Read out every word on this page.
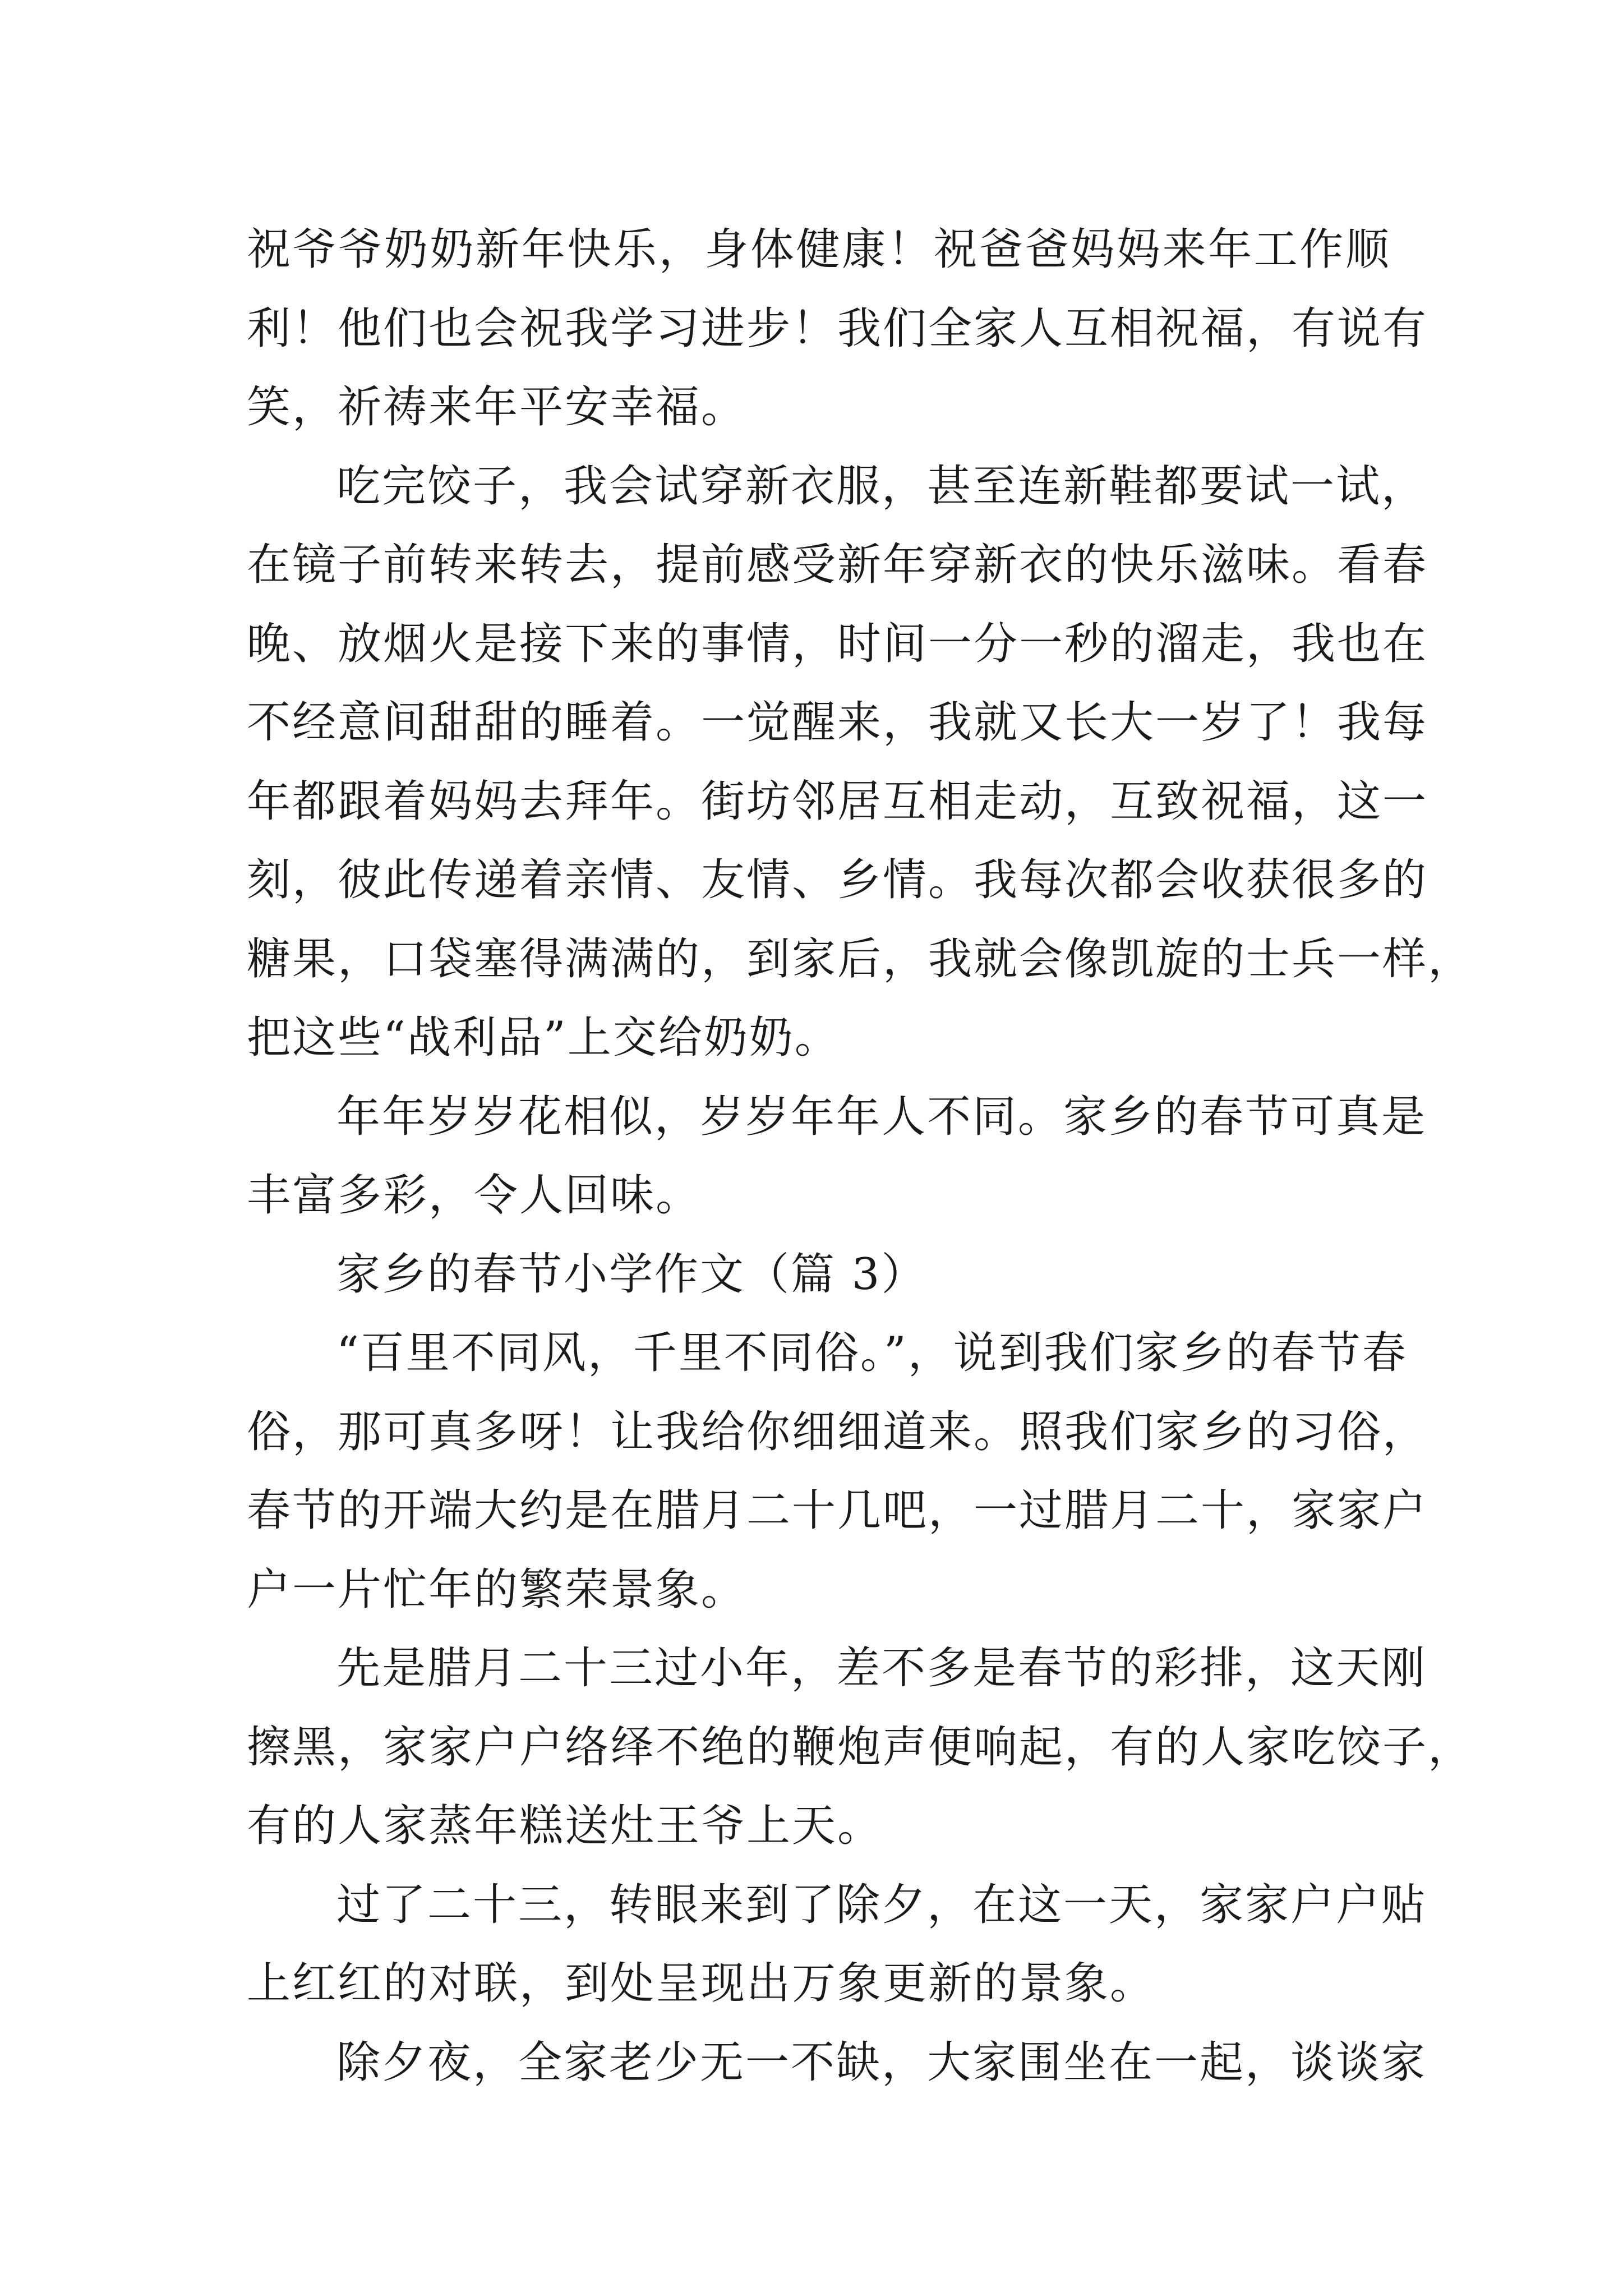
祝爷爷奶奶新年快乐，身体健康！祝爸爸妈妈来年工作顺
利！他们也会祝我学习进步！我们全家人互相祝福，有说有
笑，祈祷来年平安幸福。
吃完饺子，我会试穿新衣服，甚至连新鞋都要试一试，
在镜子前转来转去，提前感受新年穿新衣的快乐滋味。看春
晚、放烟火是接下来的事情，时间一分一秒的溜走，我也在
不经意间甜甜的睡着。一觉醒来，我就又长大一岁了！我每
年都跟着妈妈去拜年。街坊邻居互相走动，互致祝福，这一
刻，彼此传递着亲情、友情、乡情。我每次都会收获很多的
糖果，口袋塞得满满的，到家后，我就会像凯旋的士兵一样，
把这些“战利品”上交给奶奶。
年年岁岁花相似，岁岁年年人不同。家乡的春节可真是
丰富多彩，令人回味。
家乡的春节小学作文（篇 3）
“百里不同风，千里不同俗。”，说到我们家乡的春节春
俗，那可真多呀！让我给你细细道来。照我们家乡的习俗，
春节的开端大约是在腊月二十几吧，一过腊月二十，家家户
户一片忙年的繁荣景象。
先是腊月二十三过小年，差不多是春节的彩排，这天刚
擦黑，家家户户络绎不绝的鞭炮声便响起，有的人家吃饺子，
有的人家蒸年糕送灶王爷上天。
过了二十三，转眼来到了除夕，在这一天，家家户户贴
上红红的对联，到处呈现出万象更新的景象。
除夕夜，全家老少无一不缺，大家围坐在一起，谈谈家
